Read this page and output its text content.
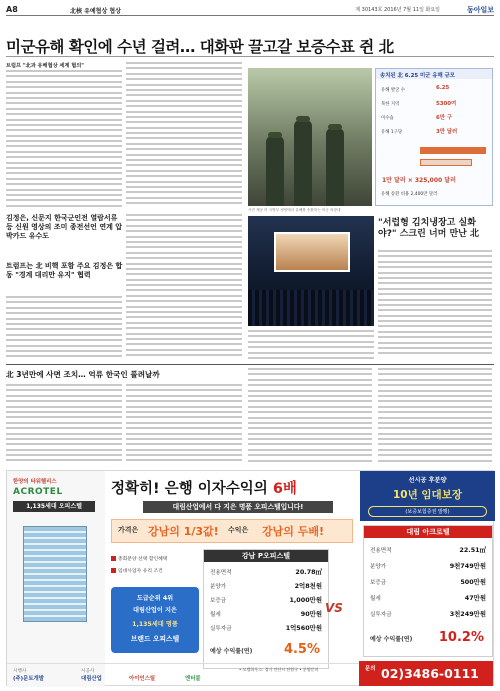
A8	北核 유예협상 협상	제 30143호 2016년 7월 11일 화요일	동아일보
미군유해 확인에 수년 걸려… 대화판 끌고갈 보증수표 쥔 北
트럼프 "北과 유해협상 세계 협의"
김정은, 신문지 한국군인전 열람서류 등 신원 영상의 조미 종전선언 연계 압박카드 유수도
트럼프는 北 비핵 포함 주요 김정은 합동 "경계 대리만 유지" 협력
송치된 北 6.25 미군 유해 규모
유해 발굴 수	6.25
북한 지역	5300여
미수습	6만 구
유해 1구당	3만 달러
1만 달러 × 325,000 달러
유해 송환 비용 2,400만 달러
사진 제공 미 국방부 평양에서 유해를 송환하는 미군 의장대
"서럽형 김치냉장고 실화야?" 스크린 너머 만난 北
北 3년만에 사면 조치… 억류 한국인 풀려날까
한양의 타워헬리스
ACROTEL
1,135세대 오피스텔
정확히! 은행 이자수익의 6배
대림산업에서 다 지은 명품 오피스텔입니다!
선시공 후분양
10년 임대보장
(보증보험증권 발행)
가격은 강남의 1/3값! 수익은 강남의 두배!
총회분양 선택 할인혜택
임대사업자 유리 조건
도급순위 4위
대림산업이 지은
1,135세대 명품
브랜드 오피스텔
강남 P오피스텔
전용면적	20.78㎡
분양가	2억8천원
보증금	1,000만원
월세	90만원
실투자금	1억560만원
예상 수익률(연) 4.5%
VS
대림 아크로텔
전용면적	22.51㎡
분양가	9천749만원
보증금	500만원
월세	47만원
실투자금	3천249만원
예상 수익률(연) 10.2%
시행사
(주)문토개발
시공사
대림산업	아이언스틸	엔터블
• 모델하우스: 경기 안산시 단원구 • 분양문의	문의 02)3486-0111
